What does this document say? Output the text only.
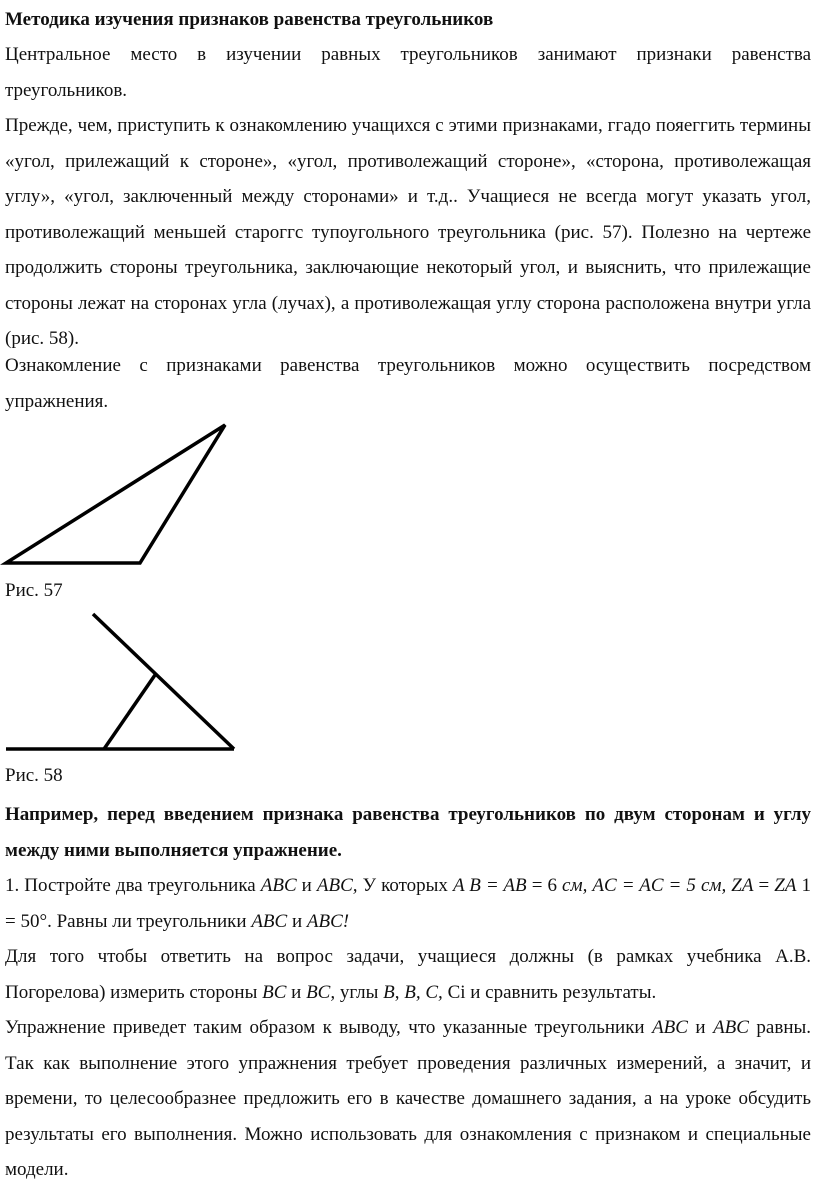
Методика изучения признаков равенства треугольников

Центральное место в изучении равных треугольников занимают признаки равенства треугольников.

Прежде, чем, приступить к ознакомлению учащихся с этими признаками, ггадо пояеггить термины «угол, прилежащий к стороне», «угол, противолежащий стороне», «сторона, противолежащая углу», «угол, заключенный между сторонами» и т.д.. Учащиеся не всегда могут указать угол, противолежащий меньшей староггс тупоугольного треугольника (рис. 57). Полезно на чертеже продолжить стороны треугольника, заключающие некоторый угол, и выяснить, что прилежащие стороны лежат на сторонах угла (лучах), а противолежащая углу сторона расположена внутри угла (рис. 58).

Ознакомление с признаками равенства треугольников можно осуществить посредством упражнения.

Рис. 57
Рис. 58

Например, перед введением признака равенства треугольников по двум сторонам и углу между ними выполняется упражнение.

1. Постройте два треугольника ABC и ABC, У которых A B = AB = 6 см, AC = AC = 5 см, ZA = ZA 1 = 50°. Равны ли треугольники ABC и ABC!

Для того чтобы ответить на вопрос задачи, учащиеся должны (в рамках учебника А.В. Погорелова) измерить стороны BC и BC, углы B, B, C, Сі и сравнить результаты.

Упражнение приведет таким образом к выводу, что указанные треугольники ABC и ABC равны. Так как выполнение этого упражнения требует проведения различных измерений, а значит, и времени, то целесообразнее предложить его в качестве домашнего задания, а на уроке обсудить результаты его выполнения. Можно использовать для ознакомления с признаком и специальные модели.
